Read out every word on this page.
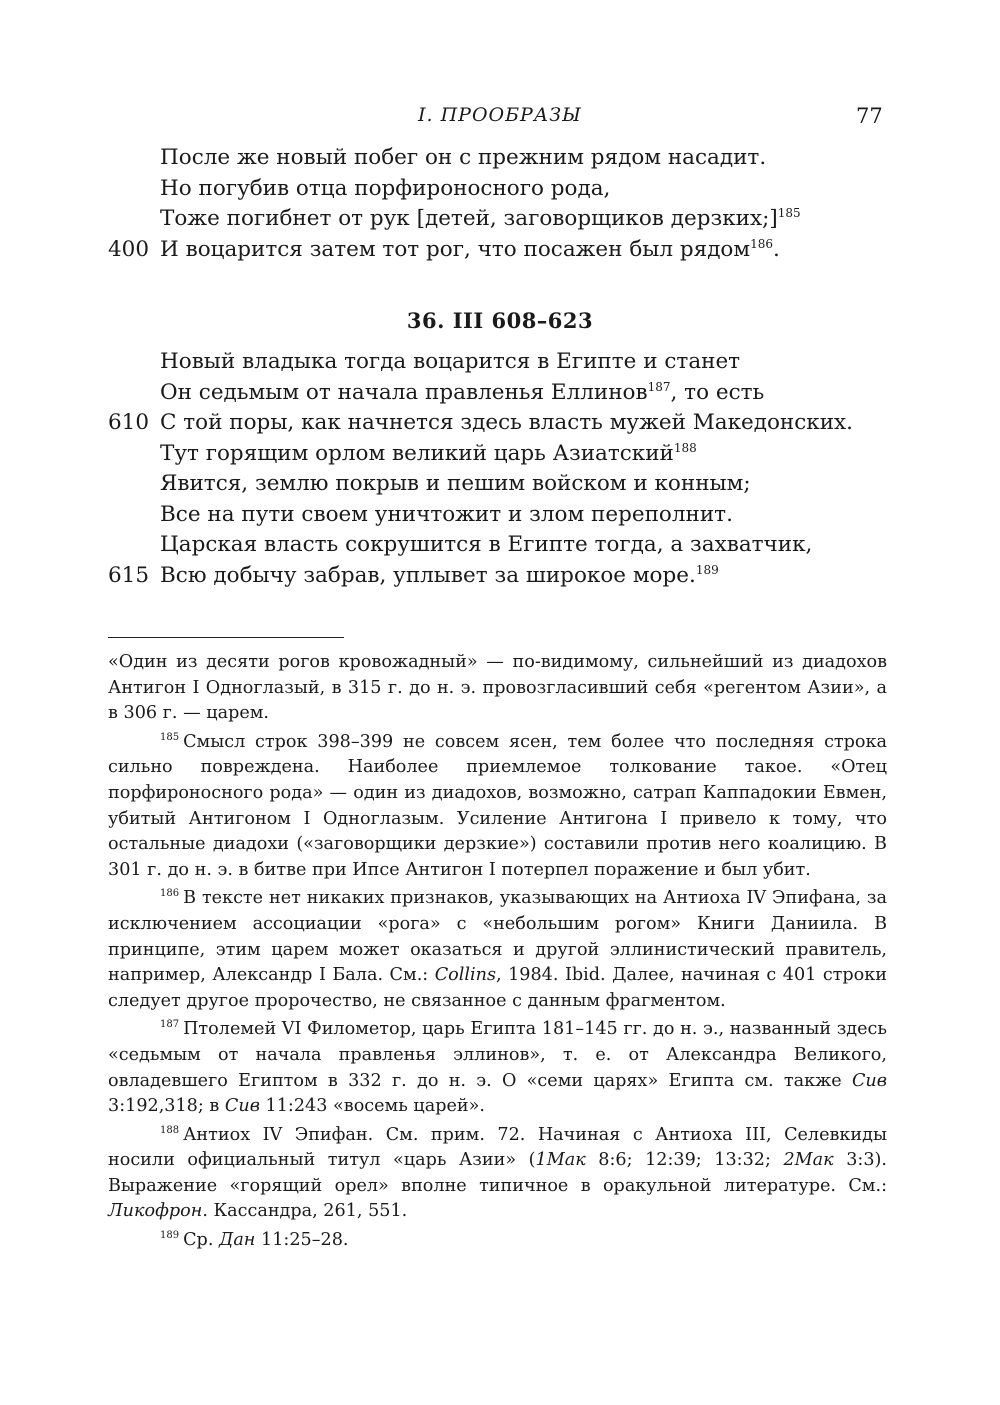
I. ПРООБРАЗЫ	77
После же новый побег он с прежним рядом насадит.
Но погубив отца порфироносного рода,
Тоже погибнет от рук [детей, заговорщиков дерзких;]$^{185}$
400 И воцарится затем тот рог, что посажен был рядом$^{186}$.
36. III 608–623
Новый владыка тогда воцарится в Египте и станет
Он седьмым от начала правленья Еллинов$^{187}$, то есть
610 С той поры, как начнется здесь власть мужей Македонских.
Тут горящим орлом великий царь Азиатский$^{188}$
Явится, землю покрыв и пешим войском и конным;
Все на пути своем уничтожит и злом переполнит.
Царская власть сокрушится в Египте тогда, а захватчик,
615 Всю добычу забрав, уплывет за широкое море.$^{189}$

«Один из десяти рогов кровожадный» — по-видимому, сильнейший из диадохов Антигон I Одноглазый, в 315 г. до н. э. провозгласивший себя «регентом Азии», а в 306 г. — царем.

$^{185}$ Смысл строк 398–399 не совсем ясен, тем более что последняя строка сильно повреждена. Наиболее приемлемое толкование такое. «Отец порфироносного рода» — один из диадохов, возможно, сатрап Каппадокии Евмен, убитый Антигоном I Одноглазым. Усиление Антигона I привело к тому, что остальные диадохи («заговорщики дерзкие») составили против него коалицию. В 301 г. до н. э. в битве при Ипсе Антигон I потерпел поражение и был убит.

$^{186}$ В тексте нет никаких признаков, указывающих на Антиоха IV Эпифана, за исключением ассоциации «рога» с «небольшим рогом» Книги Даниила. В принципе, этим царем может оказаться и другой эллинистический правитель, например, Александр I Бала. См.: Collins, 1984. Ibid. Далее, начиная с 401 строки следует другое пророчество, не связанное с данным фрагментом.

$^{187}$ Птолемей VI Филометор, царь Египта 181–145 гг. до н. э., названный здесь «седьмым от начала правленья эллинов», т. е. от Александра Великого, овладевшего Египтом в 332 г. до н. э. О «семи царях» Египта см. также Сив 3:192,318; в Сив 11:243 «восемь царей».

$^{188}$ Антиох IV Эпифан. См. прим. 72. Начиная с Антиоха III, Селевкиды носили официальный титул «царь Азии» (1Мак 8:6; 12:39; 13:32; 2Мак 3:3). Выражение «горящий орел» вполне типичное в оракульной литературе. См.: Ликофрон. Кассандра, 261, 551.

$^{189}$ Ср. Дан 11:25–28.
